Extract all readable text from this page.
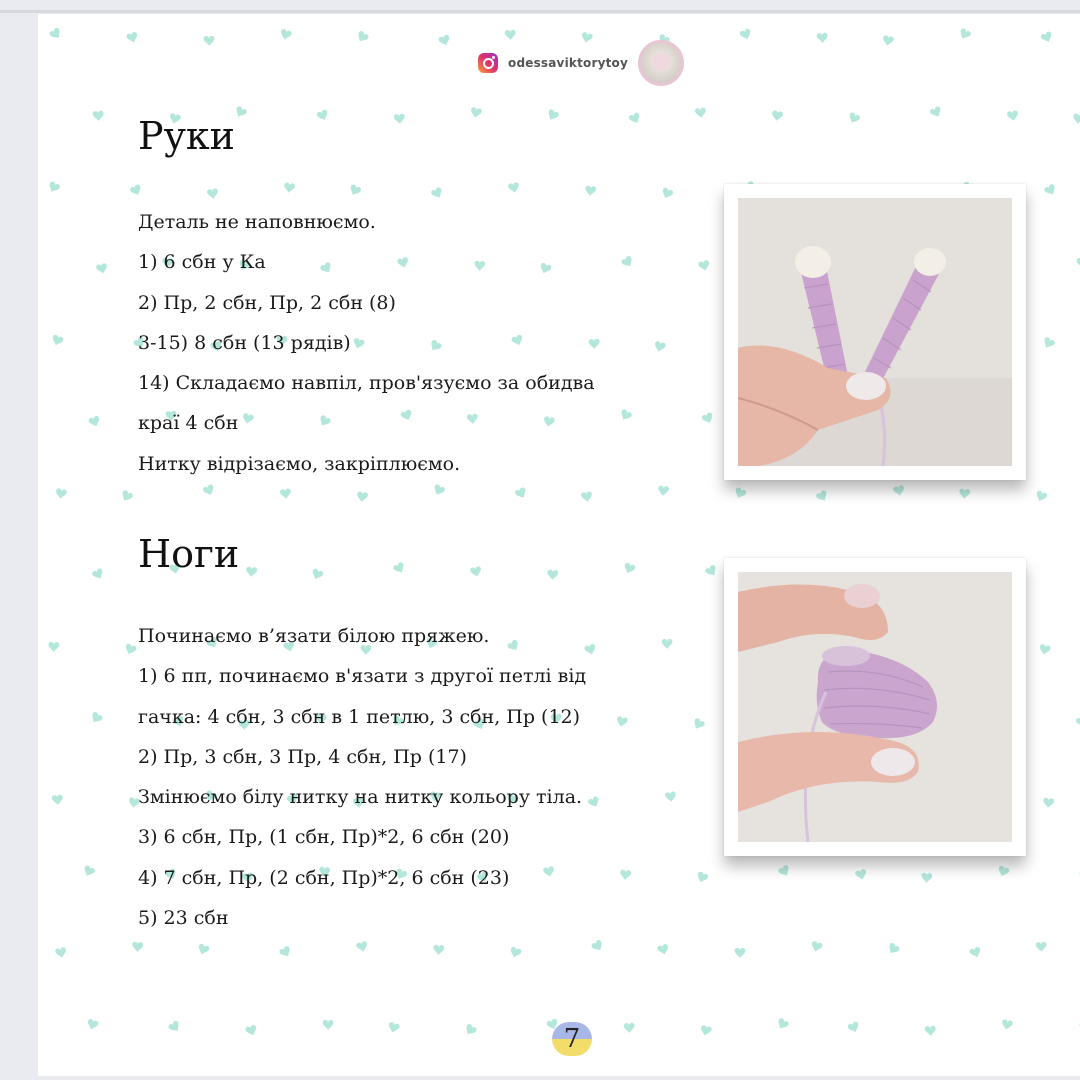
odessaviktorytoy
Руки
Деталь не наповнюємо.
1) 6 сбн у Ка
2) Пр, 2 сбн, Пр, 2 сбн (8)
3-15) 8 сбн (13 рядів)
14) Складаємо навпіл, пров'язуємо за обидва
краї 4 сбн
Нитку відрізаємо, закріплюємо.
Ноги
Починаємо в’язати білою пряжею.
1) 6 пп, починаємо в'язати з другої петлі від
гачка: 4 сбн, 3 сбн в 1 петлю, 3 сбн, Пр (12)
2) Пр, 3 сбн, 3 Пр, 4 сбн, Пр (17)
Змінюємо білу нитку на нитку кольору тіла.
3) 6 сбн, Пр, (1 сбн, Пр)*2, 6 сбн (20)
4) 7 сбн, Пр, (2 сбн, Пр)*2, 6 сбн (23)
5) 23 сбн
7
